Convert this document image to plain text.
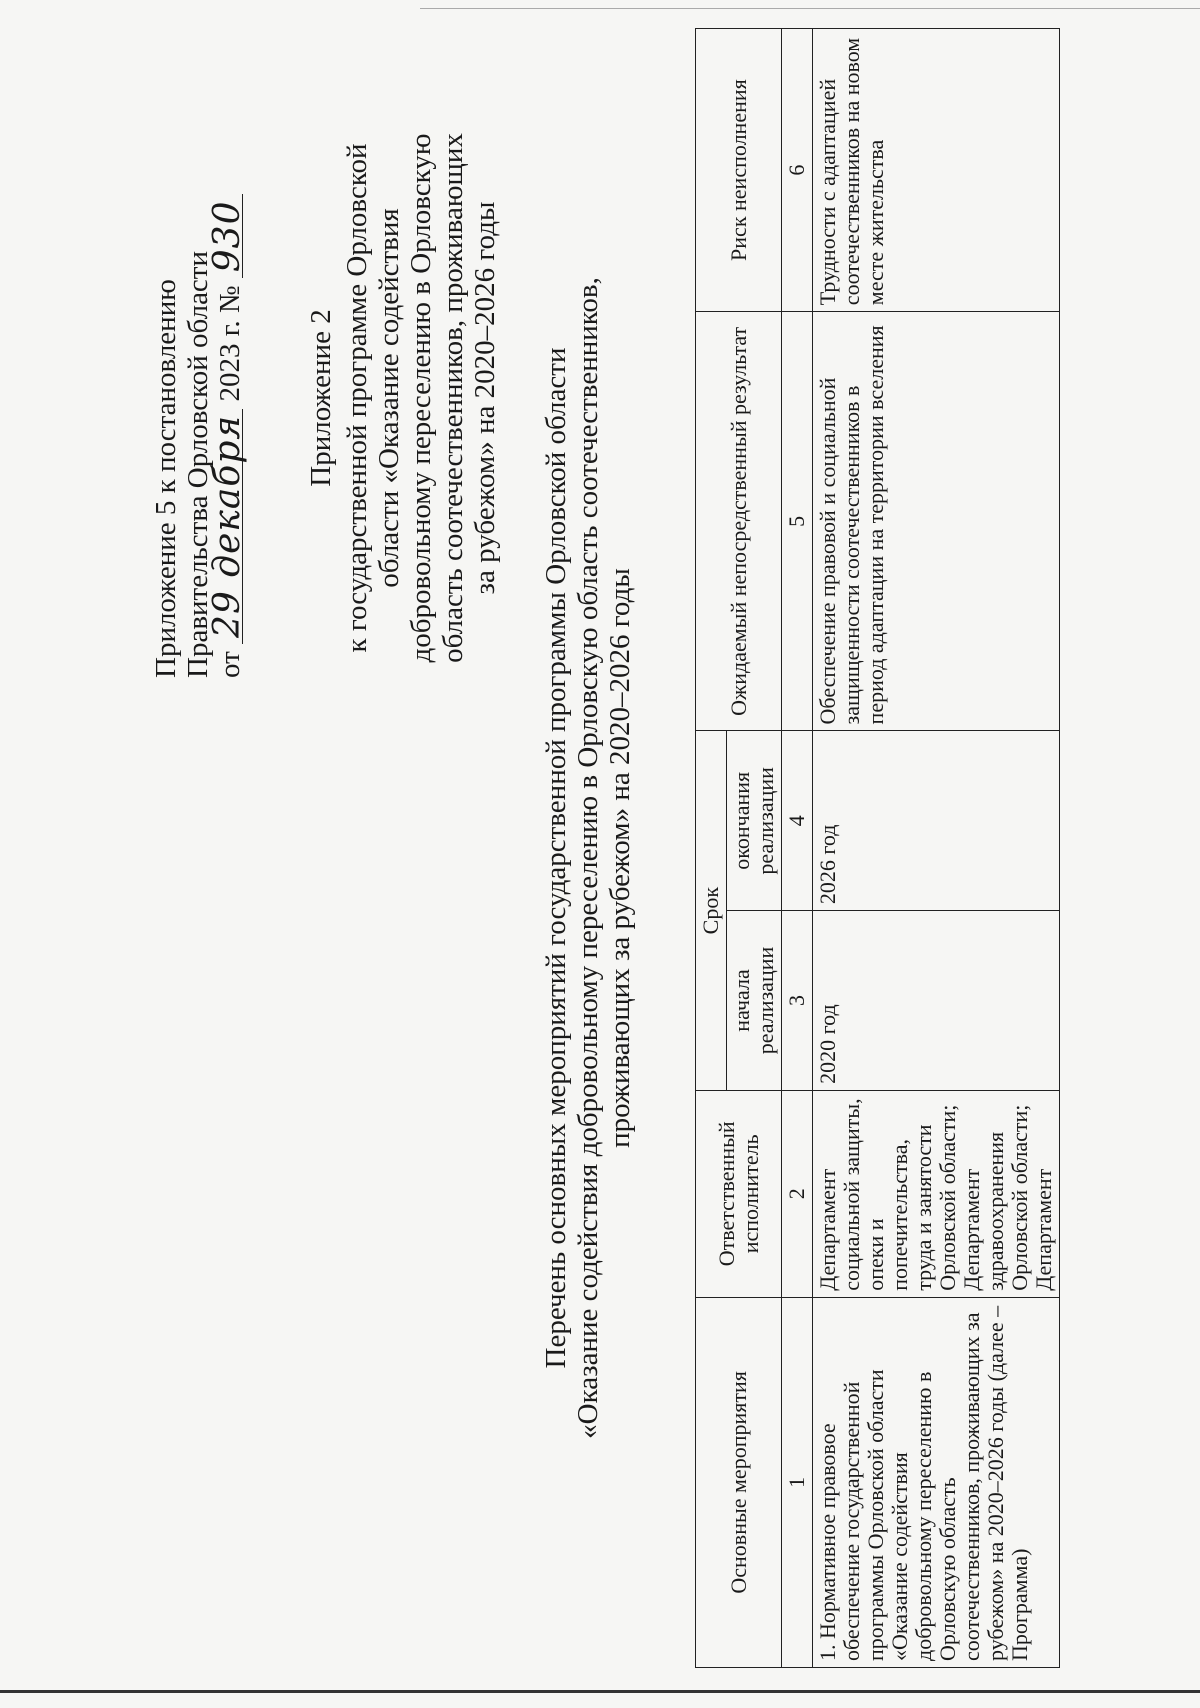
Приложение 5 к постановлению Правительства Орловской области от 29 декабря 2023 г. № 930
Приложение 2 к государственной программе Орловской области «Оказание содействия добровольному переселению в Орловскую область соотечественников, проживающих за рубежом» на 2020–2026 годы Перечень основных мероприятий государственной программы Орловской области «Оказание содействия добровольному переселению в Орловскую область соотечественников, проживающих за рубежом» на 2020–2026 годы
Основные мероприятия	Ответственный исполнитель	Срок		Ожидаемый непосредственный результат	Риск неисполнения
		начала реализации	окончания реализации		
1	2	3	4	5	6
1. Нормативное правовое обеспечение государственной программы Орловской области «Оказание содействия добровольному переселению в Орловскую область соотечественников, проживающих за рубежом» на 2020–2026 годы (далее – Программа)	Департамент социальной защиты, опеки и попечительства, труда и занятости Орловской области; Департамент здравоохранения Орловской области; Департамент	2020 год	2026 год	Обеспечение правовой и социальной защищенности соотечественников в период адаптации на территории вселения	Трудности с адаптацией соотечественников на новом месте жительства
